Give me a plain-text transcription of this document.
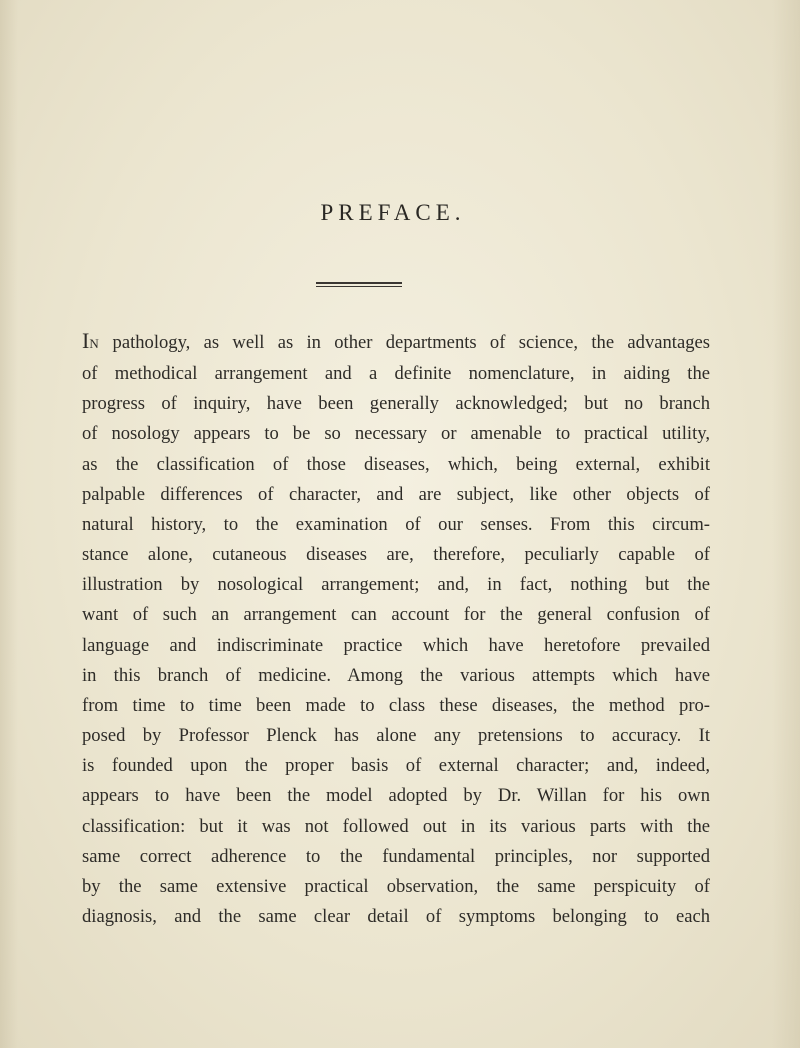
PREFACE.
IN pathology, as well as in other departments of science, the advantages
of methodical arrangement and a definite nomenclature, in aiding the
progress of inquiry, have been generally acknowledged; but no branch
of nosology appears to be so necessary or amenable to practical utility,
as the classification of those diseases, which, being external, exhibit
palpable differences of character, and are subject, like other objects of
natural history, to the examination of our senses. From this circum-
stance alone, cutaneous diseases are, therefore, peculiarly capable of
illustration by nosological arrangement; and, in fact, nothing but the
want of such an arrangement can account for the general confusion of
language and indiscriminate practice which have heretofore prevailed
in this branch of medicine. Among the various attempts which have
from time to time been made to class these diseases, the method pro-
posed by Professor Plenck has alone any pretensions to accuracy. It
is founded upon the proper basis of external character; and, indeed,
appears to have been the model adopted by Dr. Willan for his own
classification: but it was not followed out in its various parts with the
same correct adherence to the fundamental principles, nor supported
by the same extensive practical observation, the same perspicuity of
diagnosis, and the same clear detail of symptoms belonging to each
